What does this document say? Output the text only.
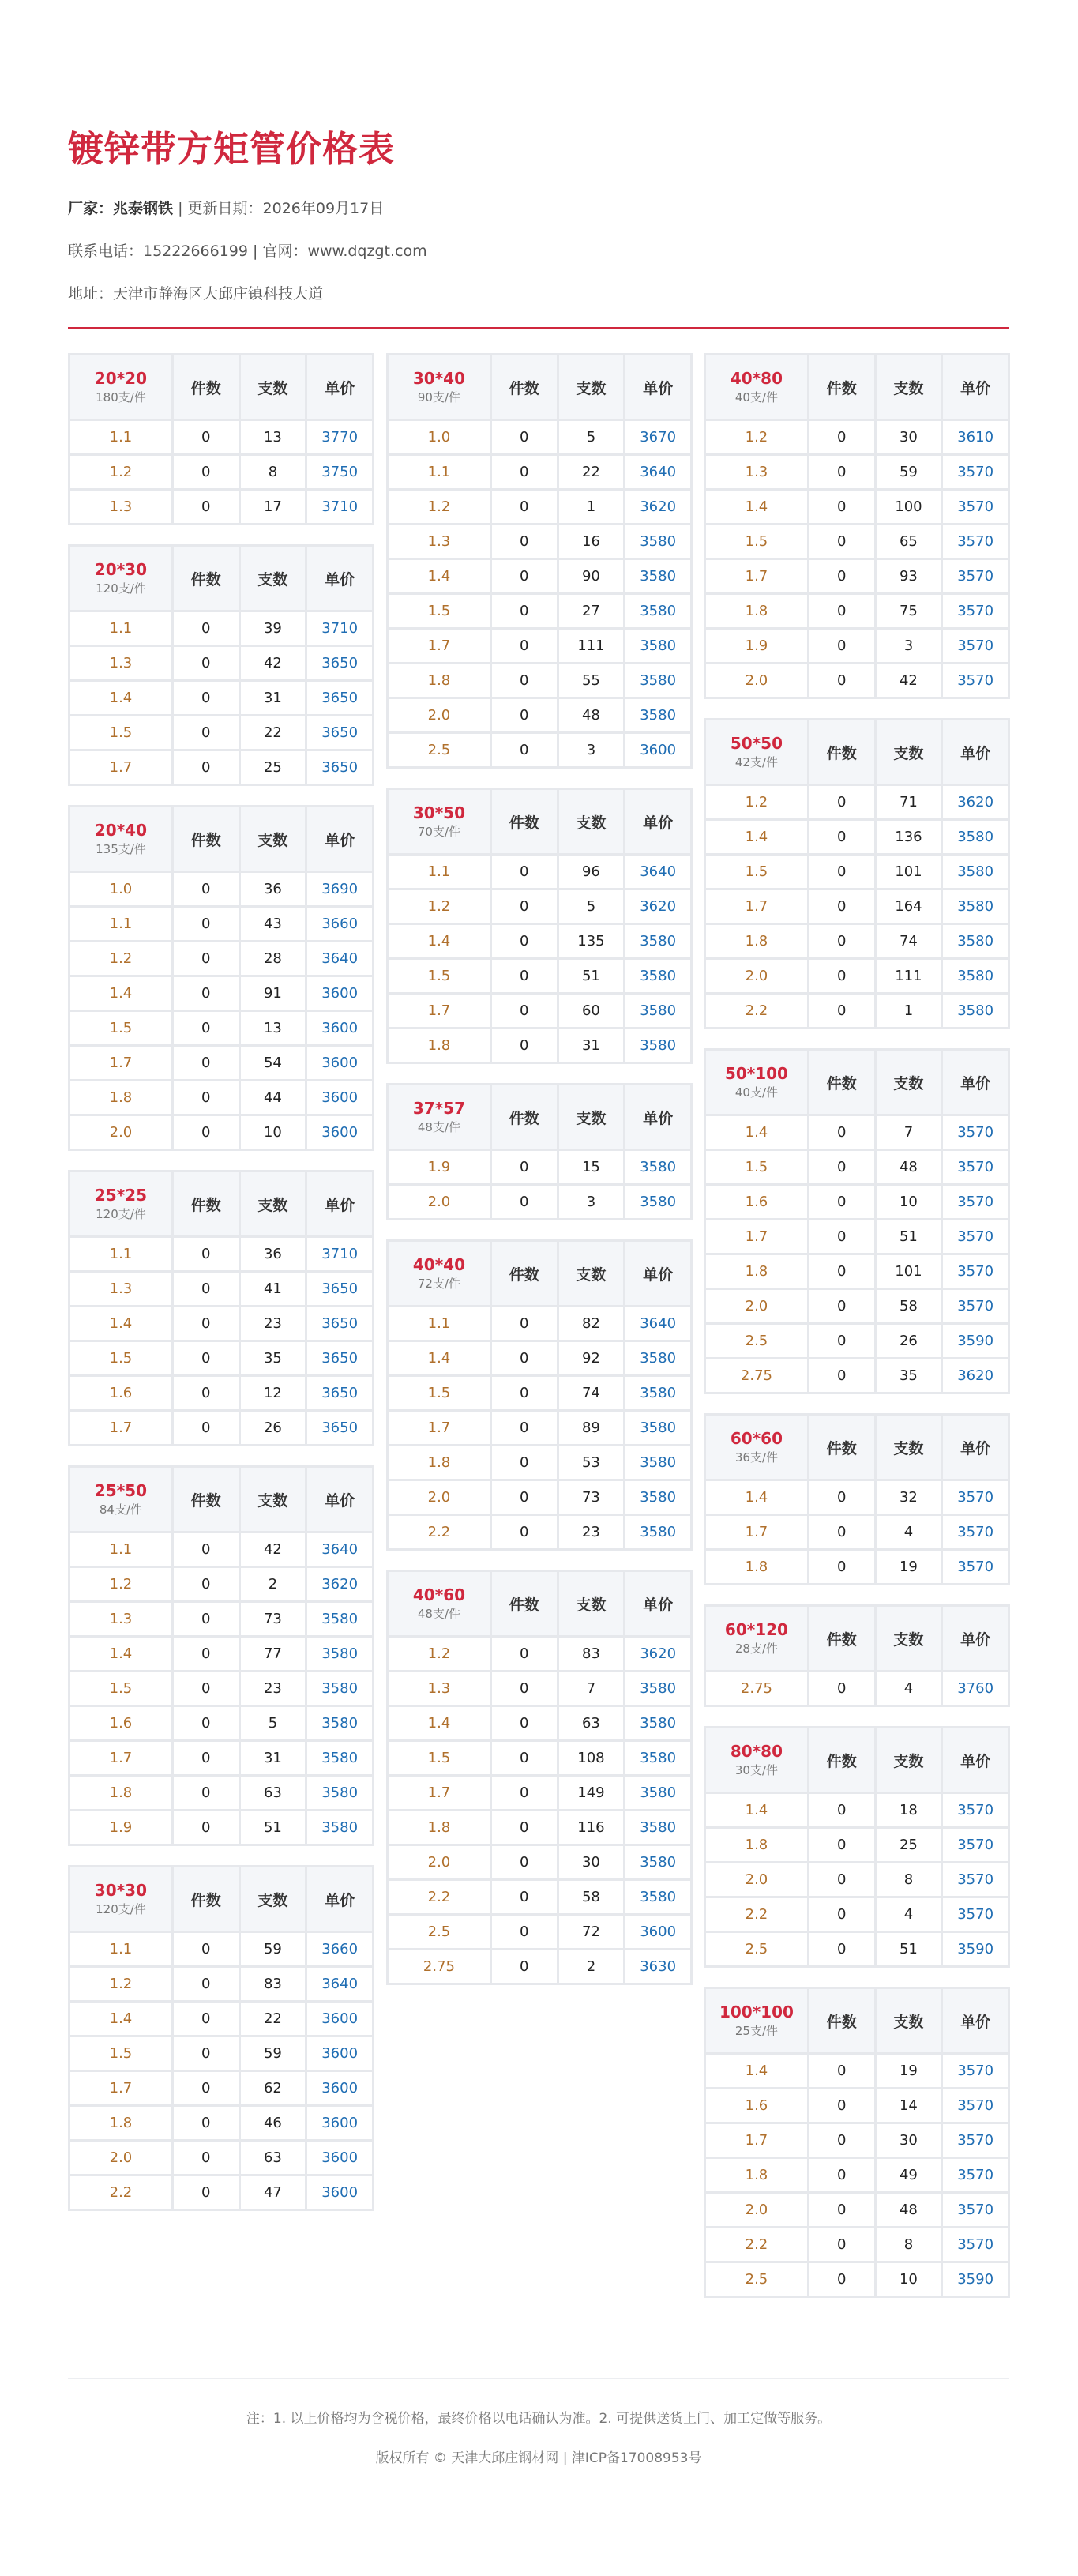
镀锌带方矩管价格表
厂家：兆泰钢铁 | 更新日期：2026年09月17日
联系电话：15222666199 | 官网：www.dqzgt.com
地址：天津市静海区大邱庄镇科技大道
20*20
180支/件	件数	支数	单价
1.1	0	13	3770
1.2	0	8	3750
1.3	0	17	3710
20*30
120支/件	件数	支数	单价
1.1	0	39	3710
1.3	0	42	3650
1.4	0	31	3650
1.5	0	22	3650
1.7	0	25	3650
20*40
135支/件	件数	支数	单价
1.0	0	36	3690
1.1	0	43	3660
1.2	0	28	3640
1.4	0	91	3600
1.5	0	13	3600
1.7	0	54	3600
1.8	0	44	3600
2.0	0	10	3600
25*25
120支/件	件数	支数	单价
1.1	0	36	3710
1.3	0	41	3650
1.4	0	23	3650
1.5	0	35	3650
1.6	0	12	3650
1.7	0	26	3650
25*50
84支/件	件数	支数	单价
1.1	0	42	3640
1.2	0	2	3620
1.3	0	73	3580
1.4	0	77	3580
1.5	0	23	3580
1.6	0	5	3580
1.7	0	31	3580
1.8	0	63	3580
1.9	0	51	3580
30*30
120支/件	件数	支数	单价
1.1	0	59	3660
1.2	0	83	3640
1.4	0	22	3600
1.5	0	59	3600
1.7	0	62	3600
1.8	0	46	3600
2.0	0	63	3600
2.2	0	47	3600
30*40
90支/件	件数	支数	单价
1.0	0	5	3670
1.1	0	22	3640
1.2	0	1	3620
1.3	0	16	3580
1.4	0	90	3580
1.5	0	27	3580
1.7	0	111	3580
1.8	0	55	3580
2.0	0	48	3580
2.5	0	3	3600
30*50
70支/件	件数	支数	单价
1.1	0	96	3640
1.2	0	5	3620
1.4	0	135	3580
1.5	0	51	3580
1.7	0	60	3580
1.8	0	31	3580
37*57
48支/件	件数	支数	单价
1.9	0	15	3580
2.0	0	3	3580
40*40
72支/件	件数	支数	单价
1.1	0	82	3640
1.4	0	92	3580
1.5	0	74	3580
1.7	0	89	3580
1.8	0	53	3580
2.0	0	73	3580
2.2	0	23	3580
40*60
48支/件	件数	支数	单价
1.2	0	83	3620
1.3	0	7	3580
1.4	0	63	3580
1.5	0	108	3580
1.7	0	149	3580
1.8	0	116	3580
2.0	0	30	3580
2.2	0	58	3580
2.5	0	72	3600
2.75	0	2	3630
40*80
40支/件	件数	支数	单价
1.2	0	30	3610
1.3	0	59	3570
1.4	0	100	3570
1.5	0	65	3570
1.7	0	93	3570
1.8	0	75	3570
1.9	0	3	3570
2.0	0	42	3570
50*50
42支/件	件数	支数	单价
1.2	0	71	3620
1.4	0	136	3580
1.5	0	101	3580
1.7	0	164	3580
1.8	0	74	3580
2.0	0	111	3580
2.2	0	1	3580
50*100
40支/件	件数	支数	单价
1.4	0	7	3570
1.5	0	48	3570
1.6	0	10	3570
1.7	0	51	3570
1.8	0	101	3570
2.0	0	58	3570
2.5	0	26	3590
2.75	0	35	3620
60*60
36支/件	件数	支数	单价
1.4	0	32	3570
1.7	0	4	3570
1.8	0	19	3570
60*120
28支/件	件数	支数	单价
2.75	0	4	3760
80*80
30支/件	件数	支数	单价
1.4	0	18	3570
1.8	0	25	3570
2.0	0	8	3570
2.2	0	4	3570
2.5	0	51	3590
100*100
25支/件	件数	支数	单价
1.4	0	19	3570
1.6	0	14	3570
1.7	0	30	3570
1.8	0	49	3570
2.0	0	48	3570
2.2	0	8	3570
2.5	0	10	3590
注：1. 以上价格均为含税价格，最终价格以电话确认为准。2. 可提供送货上门、加工定做等服务。
版权所有 © 天津大邱庄钢材网 | 津ICP备17008953号
